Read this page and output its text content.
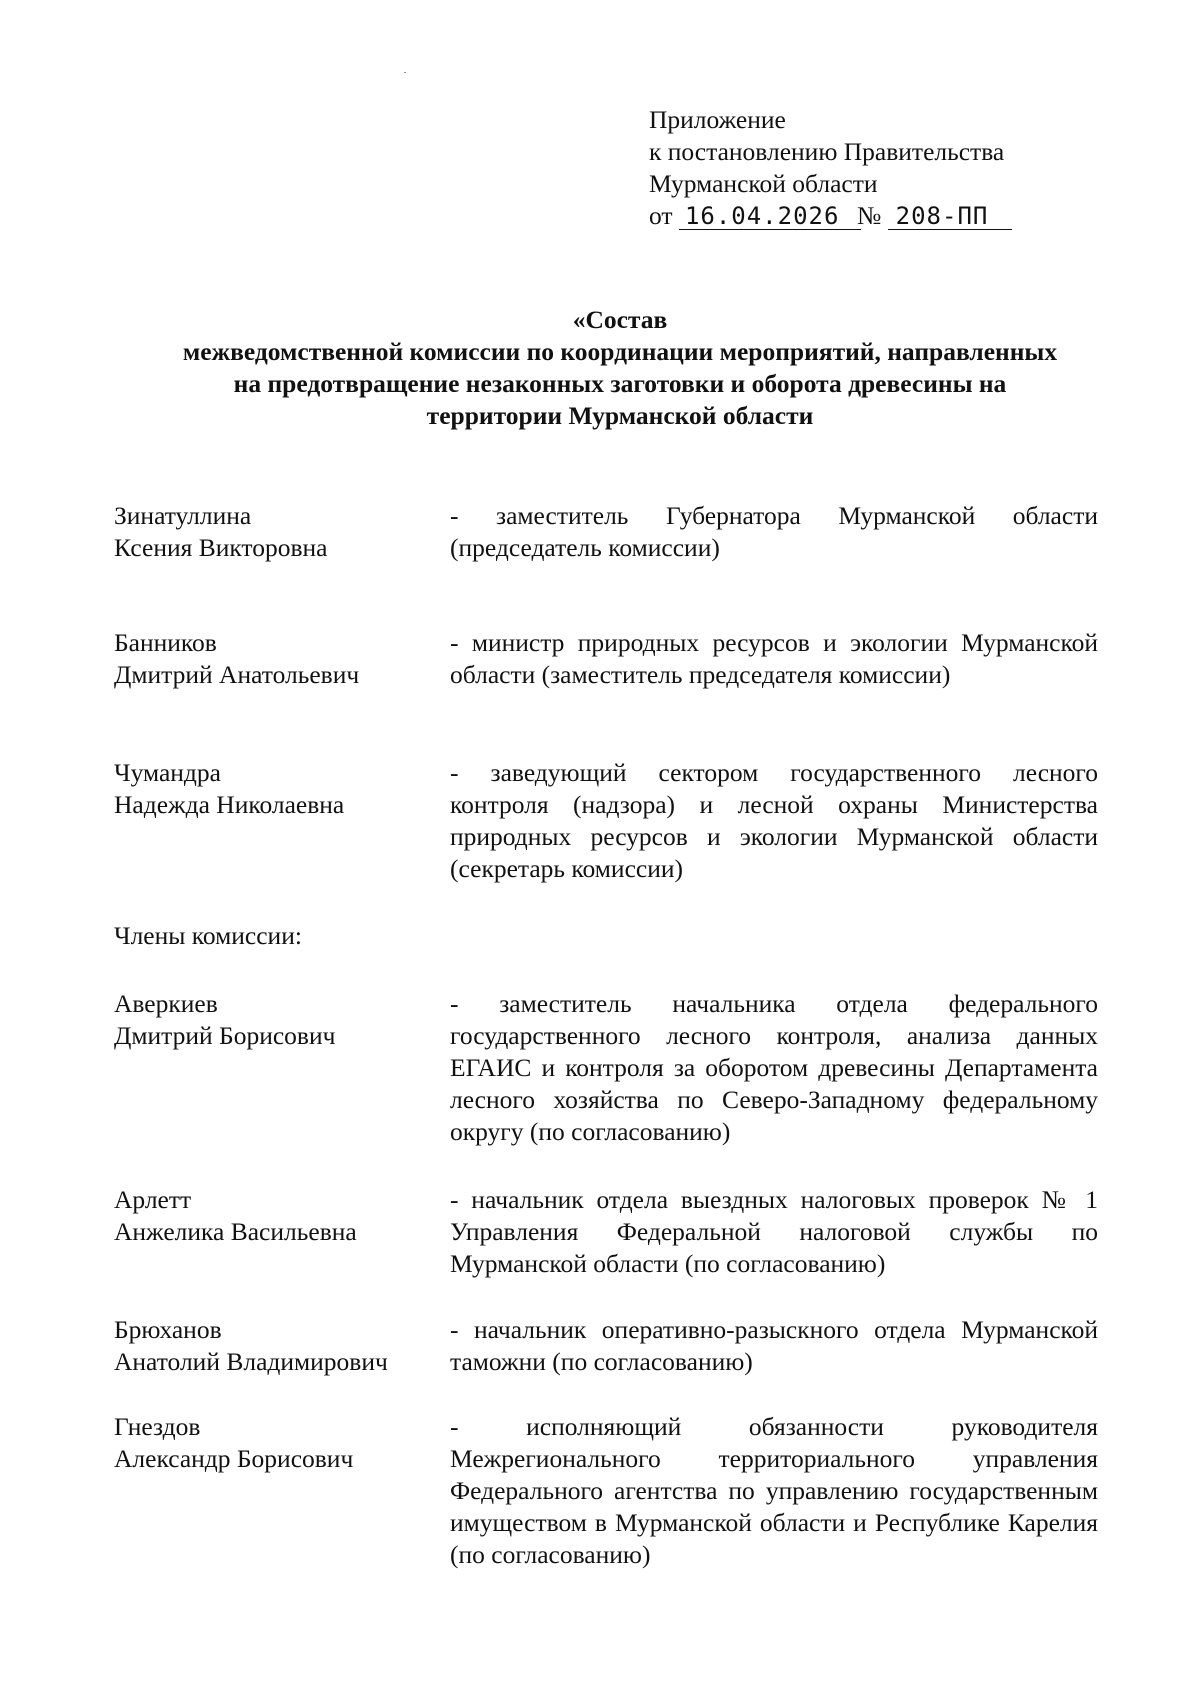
Приложение
к постановлению Правительства
Мурманской области
от 16.04.2026 № 208-ПП
«Состав
межведомственной комиссии по координации мероприятий, направленных
на предотвращение незаконных заготовки и оборота древесины на
территории Мурманской области
Зинатуллина
Ксения Викторовна
- заместитель Губернатора Мурманской области (председатель комиссии)
Банников
Дмитрий Анатольевич
- министр природных ресурсов и экологии Мурманской области (заместитель председателя комиссии)
Чумандра
Надежда Николаевна
- заведующий сектором государственного лесного контроля (надзора) и лесной охраны Министерства природных ресурсов и экологии Мурманской области (секретарь комиссии)
Члены комиссии:
Аверкиев
Дмитрий Борисович
- заместитель начальника отдела федерального государственного лесного контроля, анализа данных ЕГАИС и контроля за оборотом древесины Департамента лесного хозяйства по Северо-Западному федеральному округу (по согласованию)
Арлетт
Анжелика Васильевна
- начальник отдела выездных налоговых проверок № 1 Управления Федеральной налоговой службы по Мурманской области (по согласованию)
Брюханов
Анатолий Владимирович
- начальник оперативно-разыскного отдела Мурманской таможни (по согласованию)
Гнездов
Александр Борисович
- исполняющий обязанности руководителя Межрегионального территориального управления Федерального агентства по управлению государственным имуществом в Мурманской области и Республике Карелия (по согласованию)
